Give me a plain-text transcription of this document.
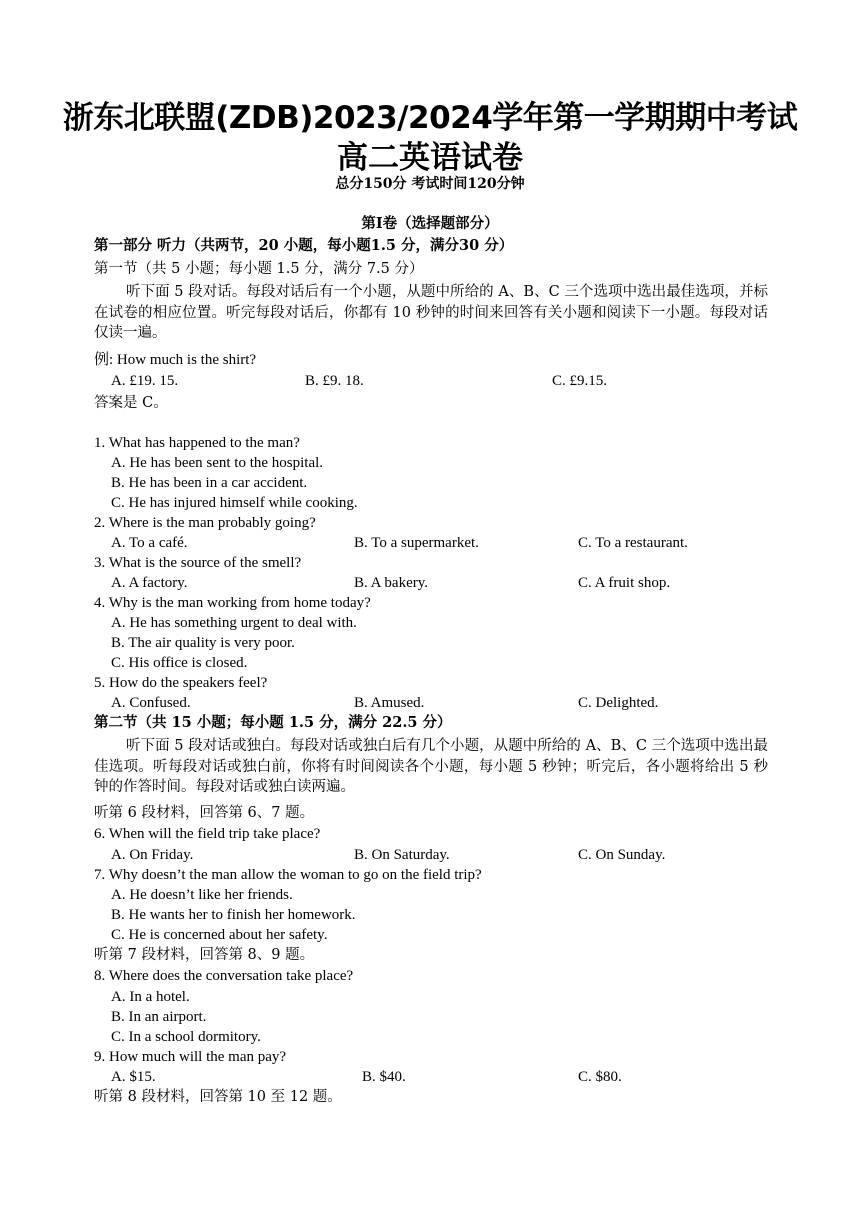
浙东北联盟(ZDB)2023/2024学年第一学期期中考试
高二英语试卷
总分150分 考试时间120分钟
第Ⅰ卷（选择题部分）
第一部分 听力（共两节，20 小题，每小题1.5 分，满分30 分）
第一节（共 5 小题；每小题 1.5 分，满分 7.5 分）
听下面 5 段对话。每段对话后有一个小题，从题中所给的 A、B、C 三个选项中选出最佳选项，并标在试卷的相应位置。听完每段对话后，你都有 10 秒钟的时间来回答有关小题和阅读下一小题。每段对话仅读一遍。
例: How much is the shirt?
A. £19. 15.	B. £9. 18.	C. £9.15.
答案是 C。
1. What has happened to the man?
A. He has been sent to the hospital.
B. He has been in a car accident.
C. He has injured himself while cooking.
2. Where is the man probably going?
A. To a café.	B. To a supermarket.	C. To a restaurant.
3. What is the source of the smell?
A. A factory.	B. A bakery.	C. A fruit shop.
4. Why is the man working from home today?
A. He has something urgent to deal with.
B. The air quality is very poor.
C. His office is closed.
5. How do the speakers feel?
A. Confused.	B. Amused.	C. Delighted.
第二节（共 15 小题；每小题 1.5 分，满分 22.5 分）
听下面 5 段对话或独白。每段对话或独白后有几个小题，从题中所给的 A、B、C 三个选项中选出最佳选项。听每段对话或独白前，你将有时间阅读各个小题，每小题 5 秒钟；听完后，各小题将给出 5 秒钟的作答时间。每段对话或独白读两遍。
听第 6 段材料，回答第 6、7 题。
6. When will the field trip take place?
A. On Friday.	B. On Saturday.	C. On Sunday.
7. Why doesn’t the man allow the woman to go on the field trip?
A. He doesn’t like her friends.
B. He wants her to finish her homework.
C. He is concerned about her safety.
听第 7 段材料，回答第 8、9 题。
8. Where does the conversation take place?
A. In a hotel.
B. In an airport.
C. In a school dormitory.
9. How much will the man pay?
A. $15.	B. $40.	C. $80.
听第 8 段材料，回答第 10 至 12 题。
